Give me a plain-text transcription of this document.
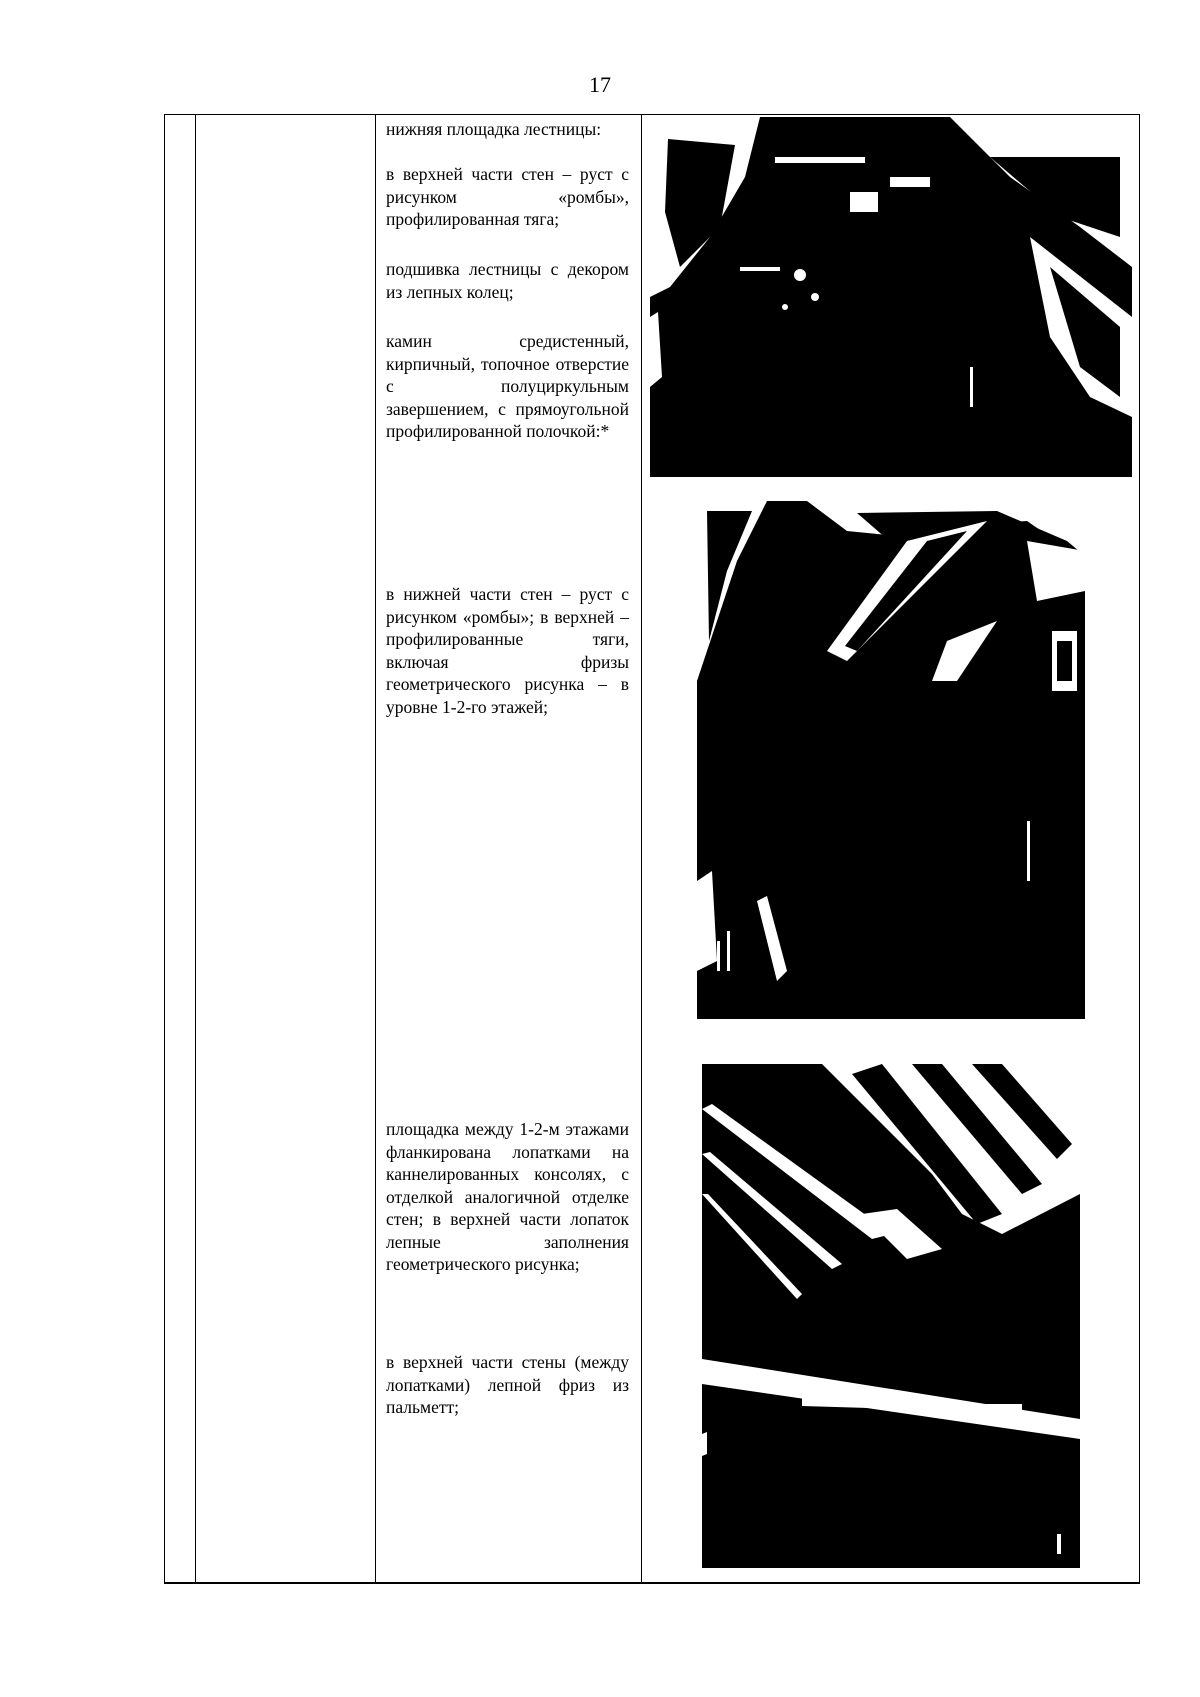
17

нижняя площадка лестницы:

в верхней части стен – руст с рисунком «ромбы», профилированная тяга;

подшивка лестницы с декором из лепных колец;

камин средистенный, кирпичный, топочное отверстие с полуциркульным завершением, с прямоугольной профилированной полочкой:*

в нижней части стен – руст с рисунком «ромбы»; в верхней – профилированные тяги, включая фризы геометрического рисунка – в уровне 1-2-го этажей;

площадка между 1-2-м этажами фланкирована лопатками на каннелированных консолях, с отделкой аналогичной отделке стен; в верхней части лопаток лепные заполнения геометрического рисунка;

в верхней части стены (между лопатками) лепной фриз из пальметт;
